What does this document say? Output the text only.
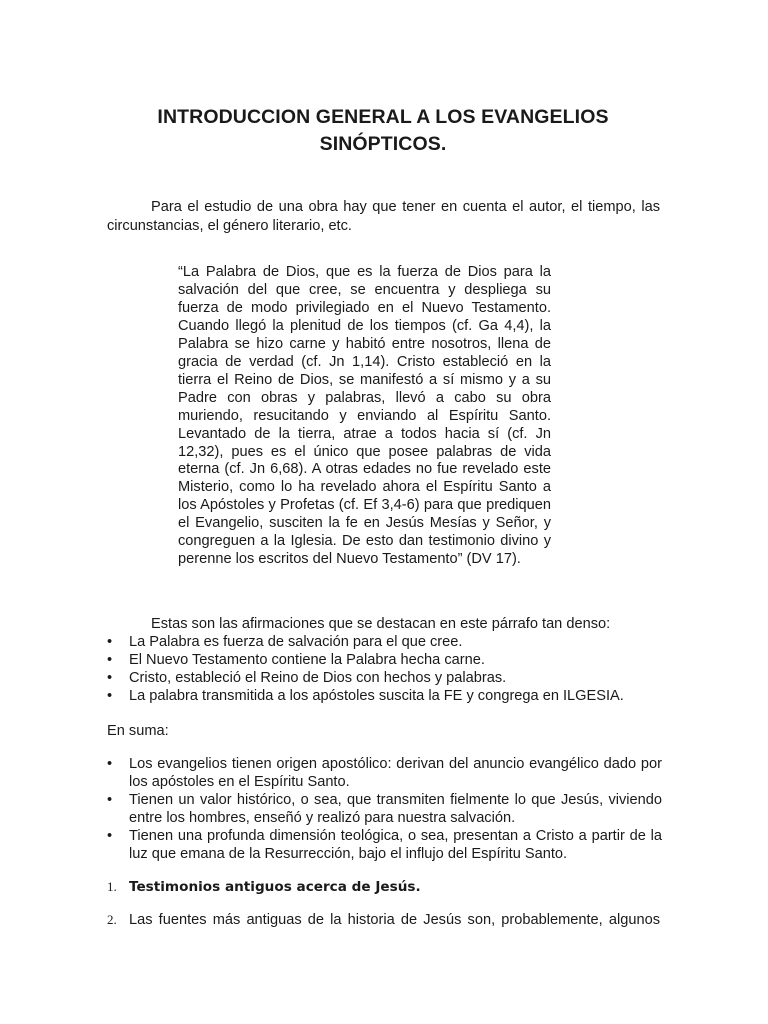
INTRODUCCION GENERAL A LOS EVANGELIOS
SINÓPTICOS.

Para el estudio de una obra hay que tener en cuenta el autor, el tiempo, las circunstancias, el género literario, etc.

“La Palabra de Dios, que es la fuerza de Dios para la salvación del que cree, se encuentra y despliega su fuerza de modo privilegiado en el Nuevo Testamento. Cuando llegó la plenitud de los tiempos (cf. Ga 4,4), la Palabra se hizo carne y habitó entre nosotros, llena de gracia de verdad (cf. Jn 1,14). Cristo estableció en la tierra el Reino de Dios, se manifestó a sí mismo y a su Padre con obras y palabras, llevó a cabo su obra muriendo, resucitando y enviando al Espíritu Santo. Levantado de la tierra, atrae a todos hacia sí (cf. Jn 12,32), pues es el único que posee palabras de vida eterna (cf. Jn 6,68). A otras edades no fue revelado este Misterio, como lo ha revelado ahora el Espíritu Santo a los Apóstoles y Profetas (cf. Ef 3,4-6) para que prediquen el Evangelio, susciten la fe en Jesús Mesías y Señor, y congreguen a la Iglesia. De esto dan testimonio divino y perenne los escritos del Nuevo Testamento” (DV 17).

Estas son las afirmaciones que se destacan en este párrafo tan denso:
•	La Palabra es fuerza de salvación para el que cree.
•	El Nuevo Testamento contiene la Palabra hecha carne.
•	Cristo, estableció el Reino de Dios con hechos y palabras.
•	La palabra transmitida a los apóstoles suscita la FE y congrega en ILGESIA.
En suma:
•	Los evangelios tienen origen apostólico: derivan del anuncio evangélico dado por los apóstoles en el Espíritu Santo.
•	Tienen un valor histórico, o sea, que transmiten fielmente lo que Jesús, viviendo entre los hombres, enseñó y realizó para nuestra salvación.
•	Tienen una profunda dimensión teológica, o sea, presentan a Cristo a partir de la luz que emana de la Resurrección, bajo el influjo del Espíritu Santo.
1. Testimonios antiguos acerca de Jesús.
2. Las fuentes más antiguas de la historia de Jesús son, probablemente, algunos
